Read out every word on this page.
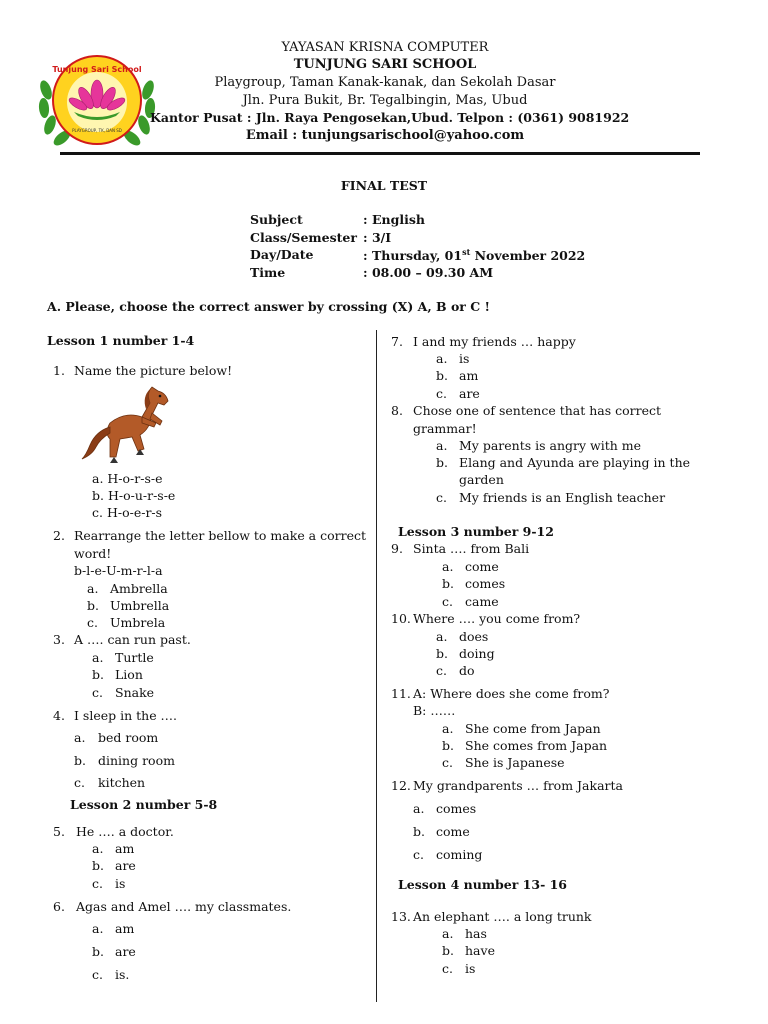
Tunjung Sari School
PLAYGROUP, TK, DAN SD
YAYASAN KRISNA COMPUTER
TUNJUNG SARI SCHOOL
Playgroup, Taman Kanak-kanak, dan Sekolah Dasar
Jln. Pura Bukit, Br. Tegalbingin, Mas, Ubud
Kantor Pusat : Jln. Raya Pengosekan,Ubud. Telpon : (0361) 9081922
Email : tunjungsarischool@yahoo.com
FINAL TEST
Subject	: English
Class/Semester : 3/I
Day/Date	: Thursday, 01st November 2022
Time	: 08.00 – 09.30 AM
A. Please, choose the correct answer by crossing (X) A, B or C !
Lesson 1 number 1-4
1. Name the picture below!
a. H-o-r-s-e
b. H-o-u-r-s-e
c. H-o-e-r-s
2. Rearrange the letter bellow to make a correct
word!
b-l-e-U-m-r-l-a
a. Ambrella
b. Umbrella
c. Umbrela
3. A …. can run past.
a. Turtle
b. Lion
c. Snake
4. I sleep in the ….
a. bed room
b. dining room
c. kitchen
Lesson 2 number 5-8
5. He …. a doctor.
a. am
b. are
c. is
6. Agas and Amel …. my classmates.
a. am
b. are
c. is.
7. I and my friends … happy
a. is
b. am
c. are
8. Chose one of sentence that has correct
grammar!
a. My parents is angry with me
b. Elang and Ayunda are playing in the
garden
c. My friends is an English teacher
Lesson 3 number 9-12
9. Sinta …. from Bali
a. come
b. comes
c. came
10. Where …. you come from?
a. does
b. doing
c. do
11. A: Where does she come from?
B: ……
a. She come from Japan
b. She comes from Japan
c. She is Japanese
12. My grandparents … from Jakarta
a. comes
b. come
c. coming
Lesson 4 number 13- 16
13. An elephant …. a long trunk
a. has
b. have
c. is
